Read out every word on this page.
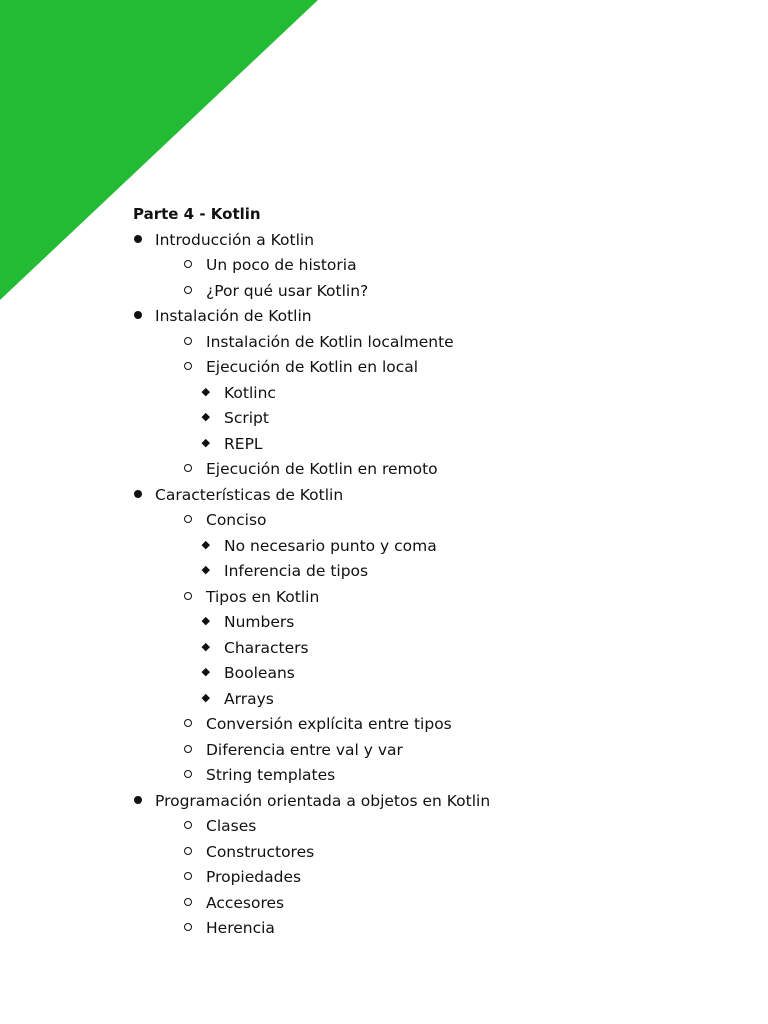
Parte 4 - Kotlin
Introducción a Kotlin
Un poco de historia
¿Por qué usar Kotlin?
Instalación de Kotlin
Instalación de Kotlin localmente
Ejecución de Kotlin en local
Kotlinc
Script
REPL
Ejecución de Kotlin en remoto
Características de Kotlin
Conciso
No necesario punto y coma
Inferencia de tipos
Tipos en Kotlin
Numbers
Characters
Booleans
Arrays
Conversión explícita entre tipos
Diferencia entre val y var
String templates
Programación orientada a objetos en Kotlin
Clases
Constructores
Propiedades
Accesores
Herencia
